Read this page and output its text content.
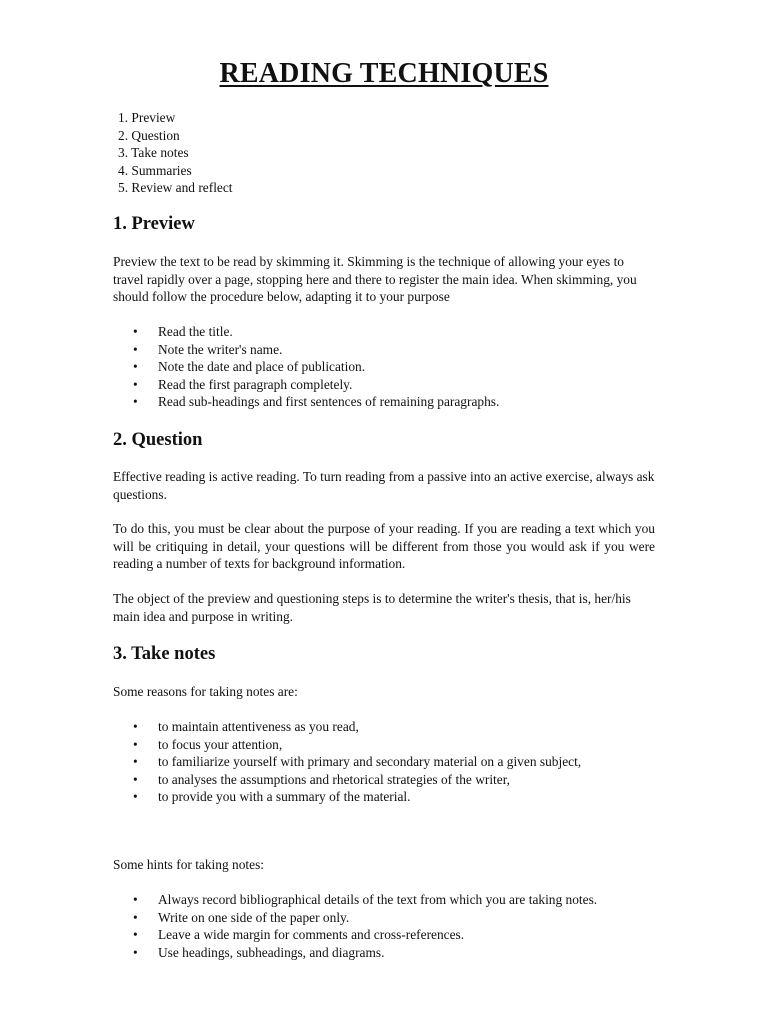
READING TECHNIQUES
1. Preview
2. Question
3. Take notes
4. Summaries
5. Review and reflect
1. Preview

Preview the text to be read by skimming it. Skimming is the technique of allowing your eyes to travel rapidly over a page, stopping here and there to register the main idea. When skimming, you should follow the procedure below, adapting it to your purpose

• Read the title.
• Note the writer's name.
• Note the date and place of publication.
• Read the first paragraph completely.
• Read sub-headings and first sentences of remaining paragraphs.
2. Question

Effective reading is active reading. To turn reading from a passive into an active exercise, always ask questions.

To do this, you must be clear about the purpose of your reading. If you are reading a text which you will be critiquing in detail, your questions will be different from those you would ask if you were reading a number of texts for background information.

The object of the preview and questioning steps is to determine the writer's thesis, that is, her/his main idea and purpose in writing.

3. Take notes

Some reasons for taking notes are:

• to maintain attentiveness as you read,
• to focus your attention,
• to familiarize yourself with primary and secondary material on a given subject,
• to analyses the assumptions and rhetorical strategies of the writer,
• to provide you with a summary of the material.

Some hints for taking notes:

• Always record bibliographical details of the text from which you are taking notes.
• Write on one side of the paper only.
• Leave a wide margin for comments and cross-references.
• Use headings, subheadings, and diagrams.
